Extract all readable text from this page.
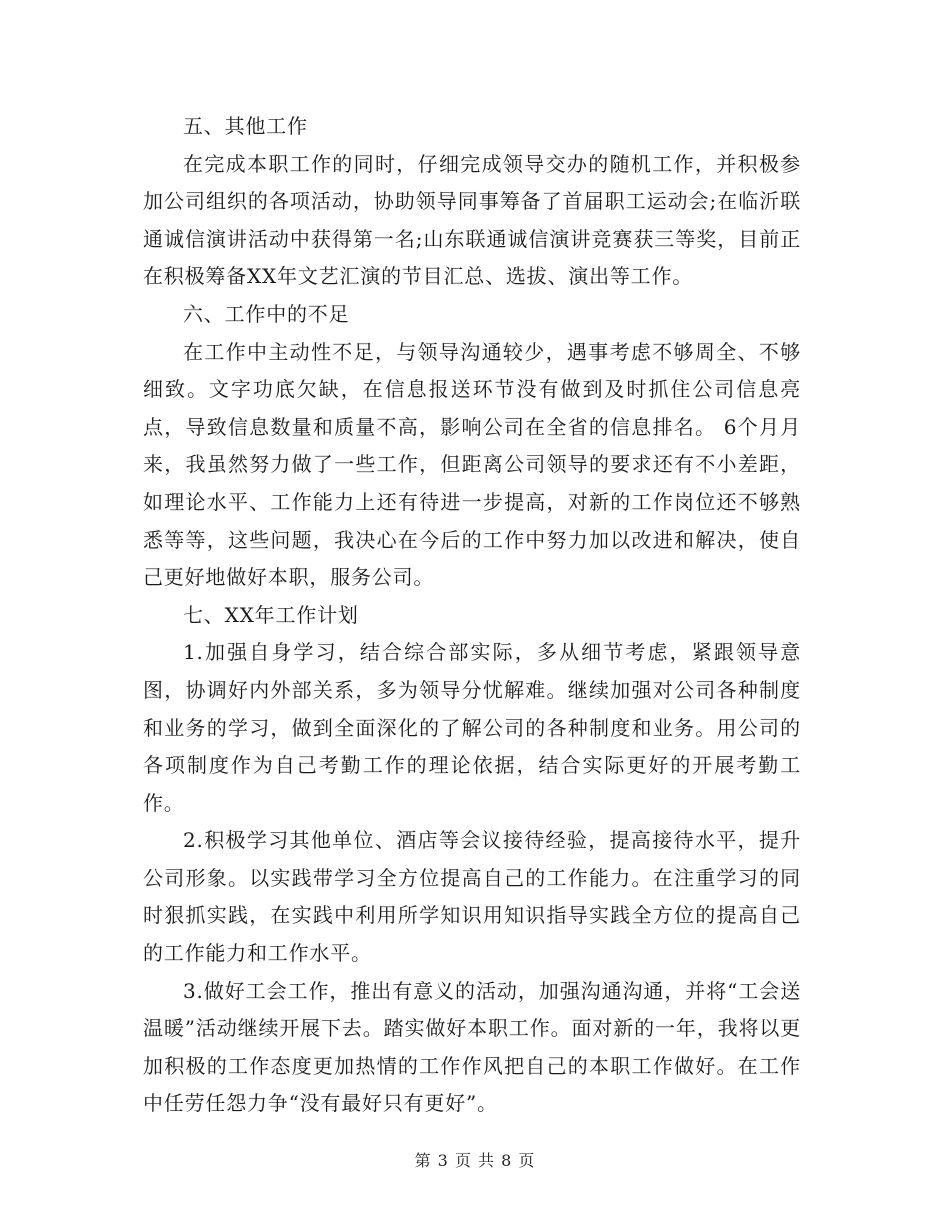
五、其他工作

在完成本职工作的同时，仔细完成领导交办的随机工作，并积极参加公司组织的各项活动，协助领导同事筹备了首届职工运动会;在临沂联通诚信演讲活动中获得第一名;山东联通诚信演讲竞赛获三等奖，目前正在积极筹备XX年文艺汇演的节目汇总、选拔、演出等工作。

六、工作中的不足

在工作中主动性不足，与领导沟通较少，遇事考虑不够周全、不够细致。文字功底欠缺，在信息报送环节没有做到及时抓住公司信息亮点，导致信息数量和质量不高，影响公司在全省的信息排名。 6个月月来，我虽然努力做了一些工作，但距离公司领导的要求还有不小差距，如理论水平、工作能力上还有待进一步提高，对新的工作岗位还不够熟悉等等，这些问题，我决心在今后的工作中努力加以改进和解决，使自己更好地做好本职，服务公司。

七、XX年工作计划

1.加强自身学习，结合综合部实际，多从细节考虑，紧跟领导意图，协调好内外部关系，多为领导分忧解难。继续加强对公司各种制度和业务的学习，做到全面深化的了解公司的各种制度和业务。用公司的各项制度作为自己考勤工作的理论依据，结合实际更好的开展考勤工作。

2.积极学习其他单位、酒店等会议接待经验，提高接待水平，提升公司形象。以实践带学习全方位提高自己的工作能力。在注重学习的同时狠抓实践，在实践中利用所学知识用知识指导实践全方位的提高自己的工作能力和工作水平。

3.做好工会工作，推出有意义的活动，加强沟通沟通，并将“工会送温暖”活动继续开展下去。踏实做好本职工作。面对新的一年，我将以更加积极的工作态度更加热情的工作作风把自己的本职工作做好。在工作中任劳任怨力争“没有最好只有更好”。

第 3 页 共 8 页
